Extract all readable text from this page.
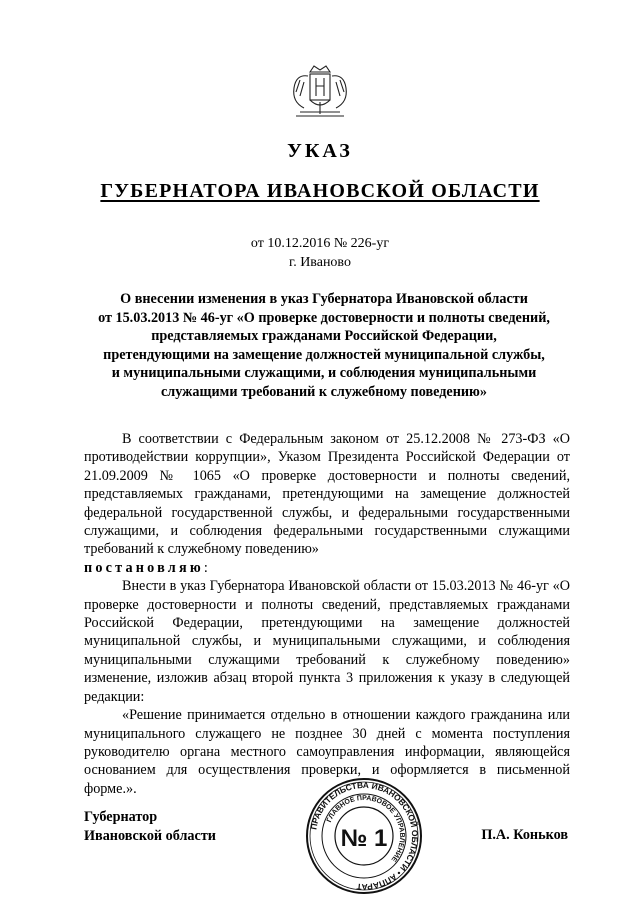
УКАЗ
ГУБЕРНАТОРА ИВАНОВСКОЙ ОБЛАСТИ
от 10.12.2016 № 226-уг
г. Иваново
О внесении изменения в указ Губернатора Ивановской области
от 15.03.2013 № 46-уг «О проверке достоверности и полноты сведений,
представляемых гражданами Российской Федерации,
претендующими на замещение должностей муниципальной службы,
и муниципальными служащими, и соблюдения муниципальными
служащими требований к служебному поведению»

В соответствии с Федеральным законом от 25.12.2008 № 273-ФЗ «О противодействии коррупции», Указом Президента Российской Федерации от 21.09.2009 № 1065 «О проверке достоверности и полноты сведений, представляемых гражданами, претендующими на замещение должностей федеральной государственной службы, и федеральными государственными служащими, и соблюдения федеральными государственными служащими требований к служебному поведению»

постановляю:

Внести в указ Губернатора Ивановской области от 15.03.2013 № 46-уг «О проверке достоверности и полноты сведений, представляемых гражданами Российской Федерации, претендующими на замещение должностей муниципальной службы, и муниципальными служащими, и соблюдения муниципальными служащими требований к служебному поведению» изменение, изложив абзац второй пункта 3 приложения к указу в следующей редакции:

«Решение принимается отдельно в отношении каждого гражданина или муниципального служащего не позднее 30 дней с момента поступления руководителю органа местного самоуправления информации, являющейся основанием для осуществления проверки, и оформляется в письменной форме.».

Губернатор
Ивановской области	П.А. Коньков
ПРАВИТЕЛЬСТВА ИВАНОВСКОЙ ОБЛАСТИ • АППАРАТ
ГЛАВНОЕ ПРАВОВОЕ УПРАВЛЕНИЕ
№ 1
